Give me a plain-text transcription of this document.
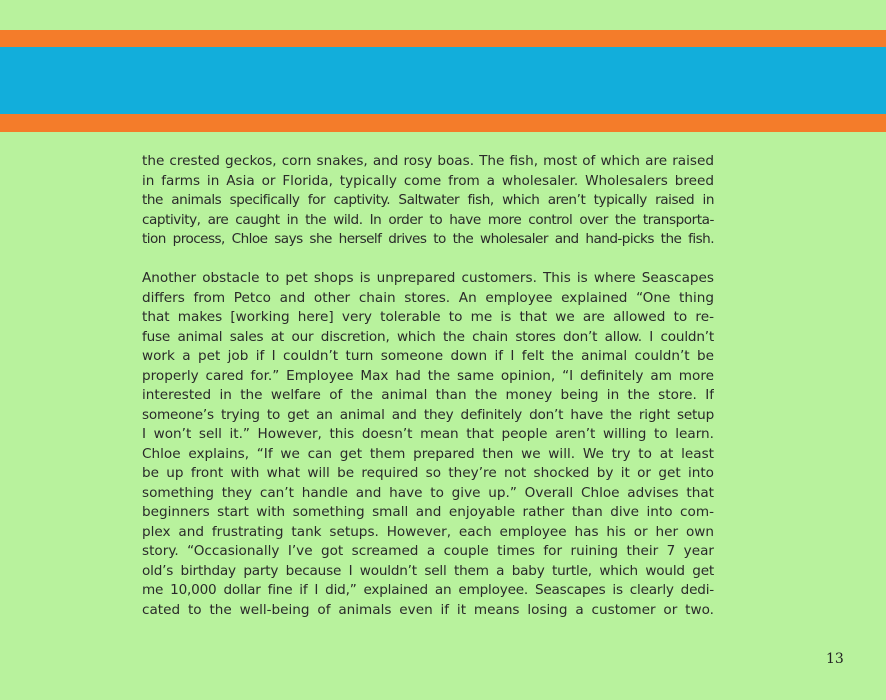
the crested geckos, corn snakes, and rosy boas. The fish, most of which are raised
in farms in Asia or Florida, typically come from a wholesaler. Wholesalers breed
the animals specifically for captivity. Saltwater fish, which aren’t typically raised in
captivity, are caught in the wild. In order to have more control over the transporta-
tion process, Chloe says she herself drives to the wholesaler and hand-picks the fish.

Another obstacle to pet shops is unprepared customers. This is where Seascapes
differs from Petco and other chain stores. An employee explained “One thing
that makes [working here] very tolerable to me is that we are allowed to re-
fuse animal sales at our discretion, which the chain stores don’t allow. I couldn’t
work a pet job if I couldn’t turn someone down if I felt the animal couldn’t be
properly cared for.” Employee Max had the same opinion, “I definitely am more
interested in the welfare of the animal than the money being in the store. If
someone’s trying to get an animal and they definitely don’t have the right setup
I won’t sell it.” However, this doesn’t mean that people aren’t willing to learn.
Chloe explains, “If we can get them prepared then we will. We try to at least
be up front with what will be required so they’re not shocked by it or get into
something they can’t handle and have to give up.” Overall Chloe advises that
beginners start with something small and enjoyable rather than dive into com-
plex and frustrating tank setups. However, each employee has his or her own
story. “Occasionally I’ve got screamed a couple times for ruining their 7 year
old’s birthday party because I wouldn’t sell them a baby turtle, which would get
me 10,000 dollar fine if I did,” explained an employee. Seascapes is clearly dedi-
cated to the well-being of animals even if it means losing a customer or two.

13
